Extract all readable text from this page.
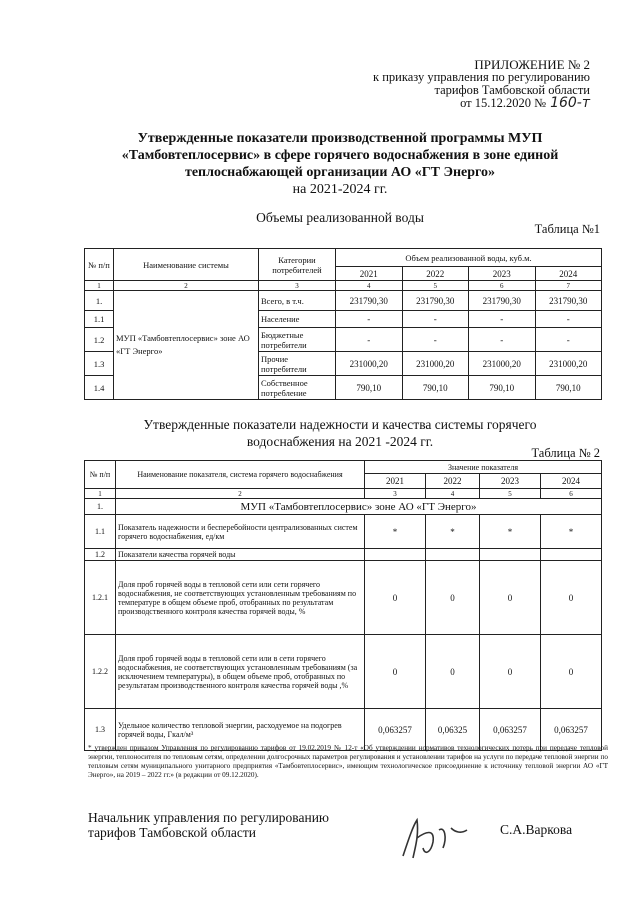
ПРИЛОЖЕНИЕ № 2
к приказу управления по регулированию
тарифов Тамбовской области
от 15.12.2020 № 160-т
Утвержденные показатели производственной программы МУП
«Тамбовтеплосервис» в сфере горячего водоснабжения в зоне единой
теплоснабжающей организации АО «ГТ Энерго»
на 2021-2024 гг.
Объемы реализованной воды
Таблица №1
№ п/п	Наименование системы	Категории потребителей	Объем реализованной воды, куб.м.			
			2021	2022	2023	2024
1	2	3	4	5	6	7
1.	МУП «Тамбовтеплосервис» зоне АО «ГТ Энерго»	Всего, в т.ч.	231790,30	231790,30	231790,30	231790,30
1.1		Население	-	-	-	-
1.2		Бюджетные потребители	-	-	-	-
1.3		Прочие потребители	231000,20	231000,20	231000,20	231000,20
1.4		Собственное потребление	790,10	790,10	790,10	790,10
Утвержденные показатели надежности и качества системы горячего
водоснабжения на 2021 -2024 гг.
Таблица № 2
№ п/п	Наименование показателя, система горячего водоснабжения	Значение показателя			
		2021	2022	2023	2024
1	2	3	4	5	6
1.	МУП «Тамбовтеплосервис» зоне АО «ГТ Энерго»				
1.1	Показатель надежности и бесперебойности централизованных систем горячего водоснабжения, ед/км	*	*	*	*
1.2	Показатели качества горячей воды				
1.2.1	Доля проб горячей воды в тепловой сети или сети горячего водоснабжения, не соответствующих установленным требованиям по температуре в общем объеме проб, отобранных по результатам производственного контроля качества горячей воды, %	0	0	0	0
1.2.2	Доля проб горячей воды в тепловой сети или в сети горячего водоснабжения, не соответствующих установленным требованиям (за исключением температуры), в общем объеме проб, отобранных по результатам производственного контроля качества горячей воды ,%	0	0	0	0
1.3	Удельное количество тепловой энергии, расходуемое на подогрев горячей воды, Гкал/м³	0,063257	0,06325	0,063257	0,063257
* утвержден приказом Управления по регулированию тарифов от 19.02.2019 № 12-т «Об утверждении нормативов технологических потерь при передаче тепловой энергии, теплоносителя по тепловым сетям, определении долгосрочных параметров регулирования и установлении тарифов на услуги по передаче тепловой энергии по тепловым сетям муниципального унитарного предприятия «Тамбовтеплосервис», имеющим технологическое присоединение к источнику тепловой энергии АО «ГТ Энерго», на 2019 – 2022 гг.» (в редакции от 09.12.2020).
Начальник управления по регулированию
тарифов Тамбовской области	С.А.Варкова
